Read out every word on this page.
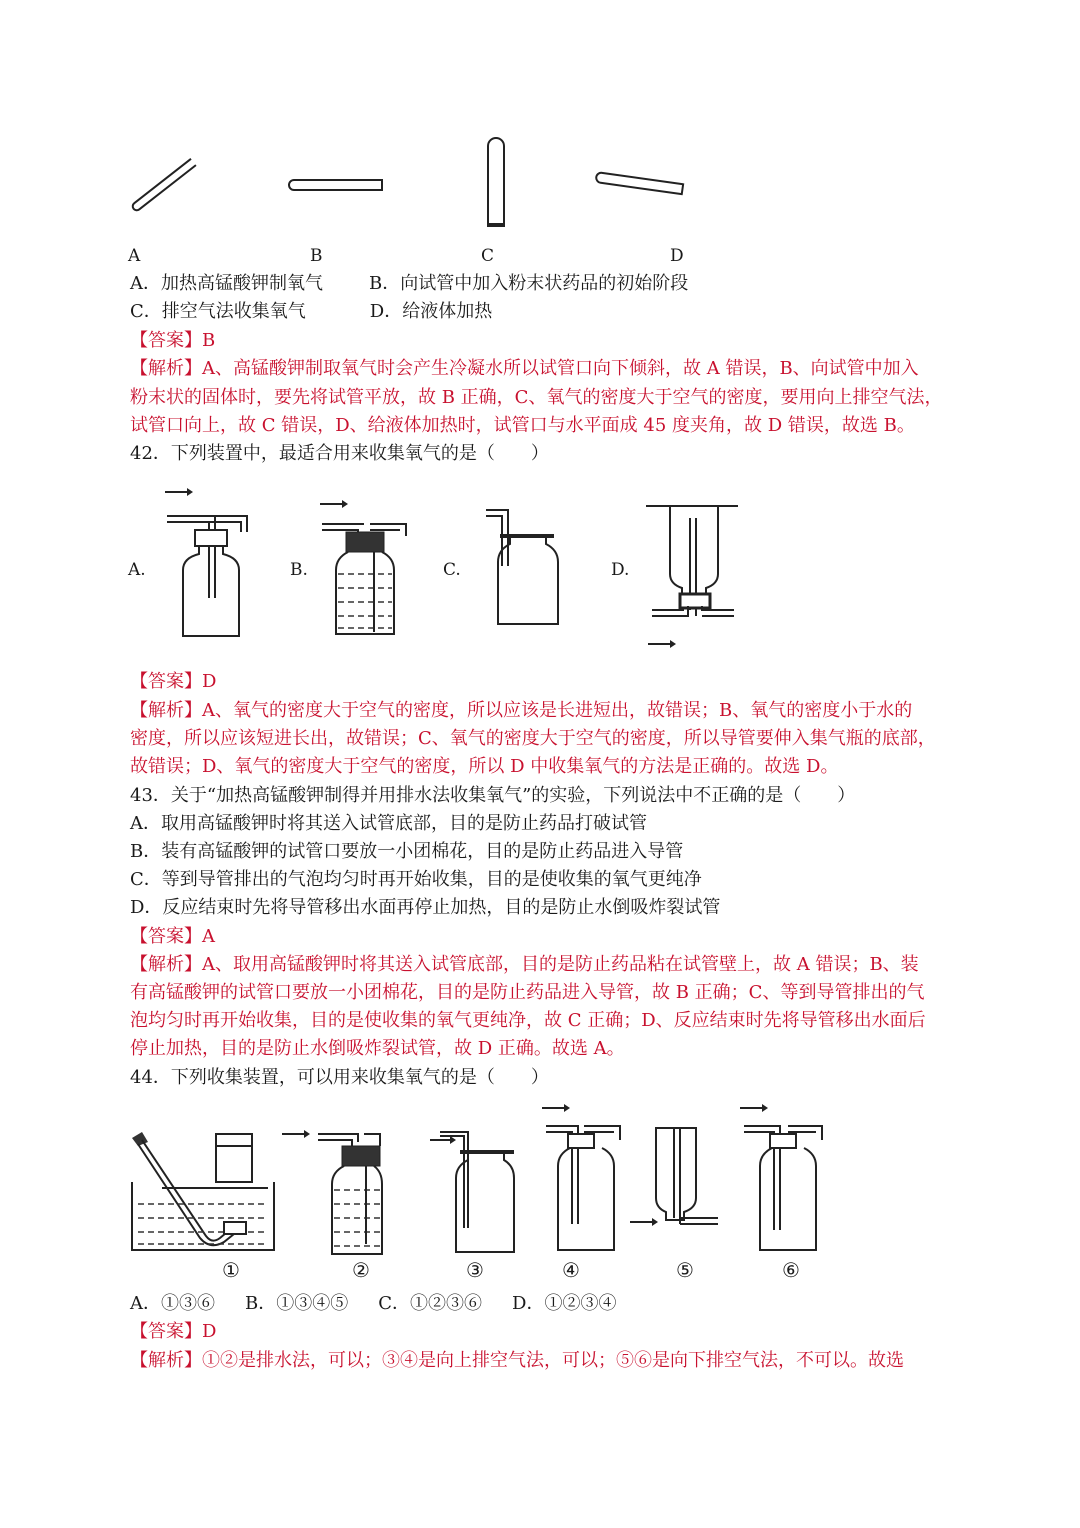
A	B	C	D
A．加热高锰酸钾制氧气	B．向试管中加入粉末状药品的初始阶段
C．排空气法收集氧气	D．给液体加热
【答案】B
【解析】A、高锰酸钾制取氧气时会产生冷凝水所以试管口向下倾斜，故 A 错误，B、向试管中加入
粉末状的固体时，要先将试管平放，故 B 正确，C、氧气的密度大于空气的密度，要用向上排空气法，
试管口向上，故 C 错误，D、给液体加热时，试管口与水平面成 45 度夹角，故 D 错误，故选 B。
42．下列装置中，最适合用来收集氧气的是（　　）
A.	B.	C.	D.
【答案】D
【解析】A、氧气的密度大于空气的密度，所以应该是长进短出，故错误；B、氧气的密度小于水的
密度，所以应该短进长出，故错误；C、氧气的密度大于空气的密度，所以导管要伸入集气瓶的底部，
故错误；D、氧气的密度大于空气的密度，所以 D 中收集氧气的方法是正确的。故选 D。
43．关于“加热高锰酸钾制得并用排水法收集氧气”的实验，下列说法中不正确的是（　　）
A．取用高锰酸钾时将其送入试管底部，目的是防止药品打破试管
B．装有高锰酸钾的试管口要放一小团棉花，目的是防止药品进入导管
C．等到导管排出的气泡均匀时再开始收集，目的是使收集的氧气更纯净
D．反应结束时先将导管移出水面再停止加热，目的是防止水倒吸炸裂试管
【答案】A
【解析】A、取用高锰酸钾时将其送入试管底部，目的是防止药品粘在试管壁上，故 A 错误；B、装
有高锰酸钾的试管口要放一小团棉花，目的是防止药品进入导管，故 B 正确；C、等到导管排出的气
泡均匀时再开始收集，目的是使收集的氧气更纯净，故 C 正确；D、反应结束时先将导管移出水面后
停止加热，目的是防止水倒吸炸裂试管，故 D 正确。故选 A。
44．下列收集装置，可以用来收集氧气的是（　　）
①	②	③	④	⑤	⑥
A．①③⑥ B．①③④⑤ C．①②③⑥ D．①②③④
【答案】D
【解析】①②是排水法，可以；③④是向上排空气法，可以；⑤⑥是向下排空气法，不可以。故选
